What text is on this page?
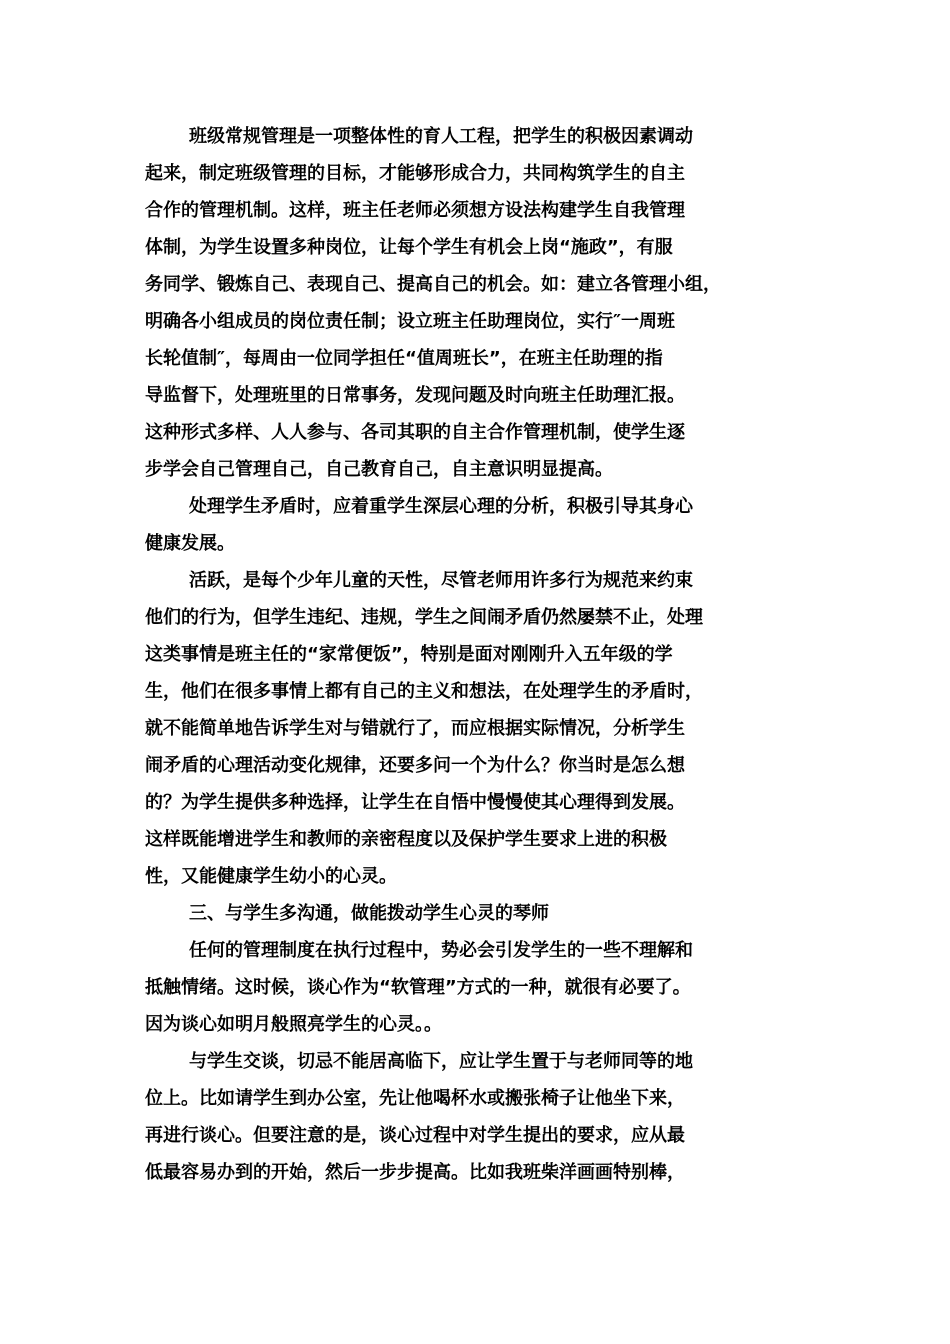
班级常规管理是一项整体性的育人工程，把学生的积极因素调动
起来，制定班级管理的目标，才能够形成合力，共同构筑学生的自主
合作的管理机制。这样，班主任老师必须想方设法构建学生自我管理
体制，为学生设置多种岗位，让每个学生有机会上岗“施政”，有服
务同学、锻炼自己、表现自己、提高自己的机会。如：建立各管理小组，
明确各小组成员的岗位责任制；设立班主任助理岗位，实行″一周班
长轮值制″，每周由一位同学担任“值周班长”，在班主任助理的指
导监督下，处理班里的日常事务，发现问题及时向班主任助理汇报。
这种形式多样、人人参与、各司其职的自主合作管理机制，使学生逐
步学会自己管理自己，自己教育自己，自主意识明显提高。
处理学生矛盾时，应着重学生深层心理的分析，积极引导其身心
健康发展。
活跃，是每个少年儿童的天性，尽管老师用许多行为规范来约束
他们的行为，但学生违纪、违规，学生之间闹矛盾仍然屡禁不止，处理
这类事情是班主任的“家常便饭”，特别是面对刚刚升入五年级的学
生，他们在很多事情上都有自己的主义和想法，在处理学生的矛盾时，
就不能简单地告诉学生对与错就行了，而应根据实际情况，分析学生
闹矛盾的心理活动变化规律，还要多问一个为什么？你当时是怎么想
的？为学生提供多种选择，让学生在自悟中慢慢使其心理得到发展。
这样既能增进学生和教师的亲密程度以及保护学生要求上进的积极
性，又能健康学生幼小的心灵。
三、与学生多沟通，做能拨动学生心灵的琴师
任何的管理制度在执行过程中，势必会引发学生的一些不理解和
抵触情绪。这时候，谈心作为“软管理”方式的一种，就很有必要了。
因为谈心如明月般照亮学生的心灵。。
与学生交谈，切忌不能居高临下，应让学生置于与老师同等的地
位上。比如请学生到办公室，先让他喝杯水或搬张椅子让他坐下来，
再进行谈心。但要注意的是，谈心过程中对学生提出的要求，应从最
低最容易办到的开始，然后一步步提高。比如我班柴洋画画特别棒，
